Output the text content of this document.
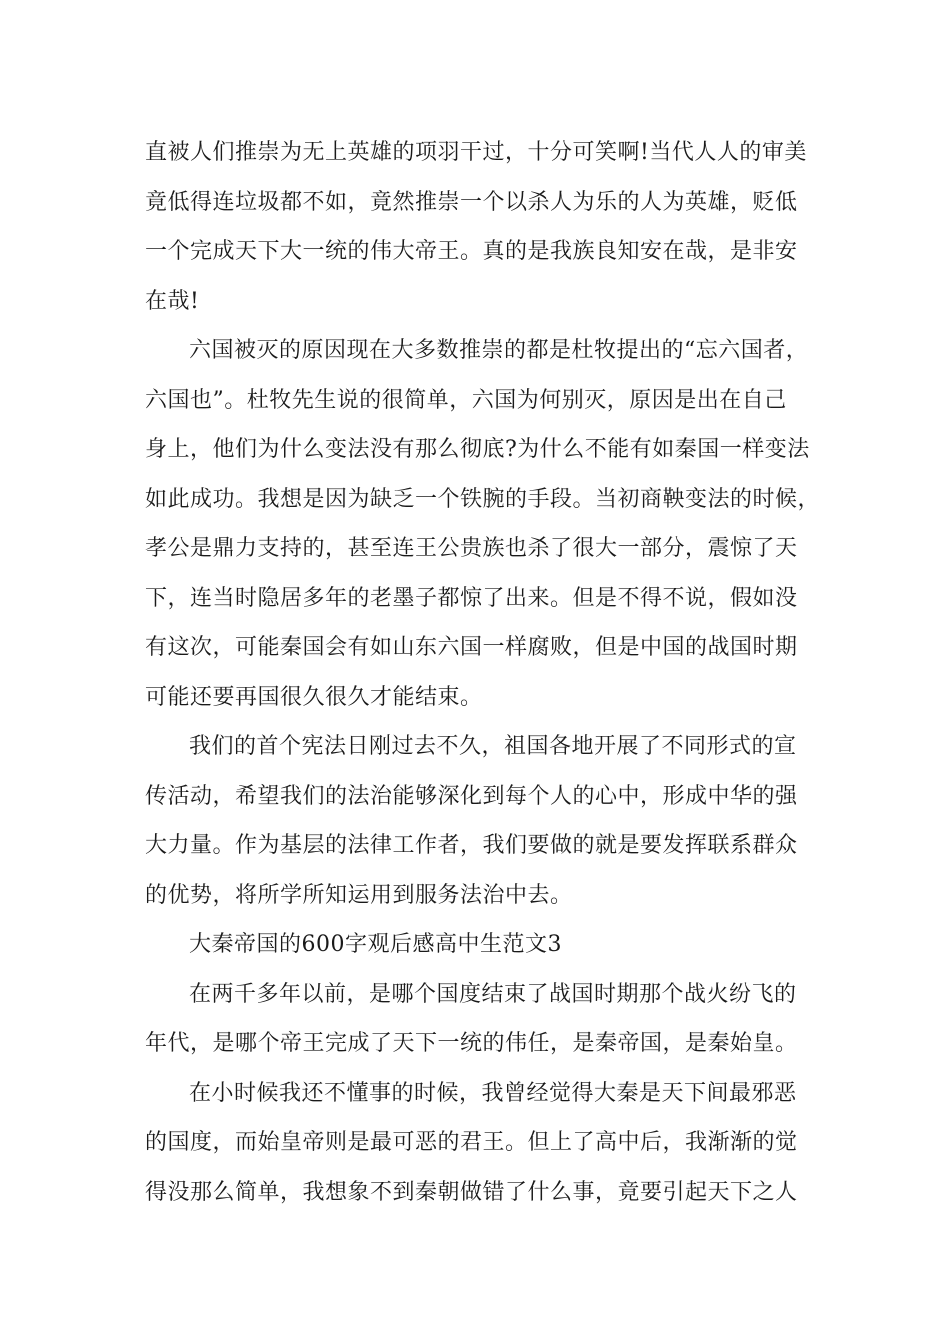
直被人们推崇为无上英雄的项羽干过，十分可笑啊!当代人人的审美
竟低得连垃圾都不如，竟然推崇一个以杀人为乐的人为英雄，贬低
一个完成天下大一统的伟大帝王。真的是我族良知安在哉，是非安
在哉!
六国被灭的原因现在大多数推崇的都是杜牧提出的“忘六国者，
六国也”。杜牧先生说的很简单，六国为何别灭，原因是出在自己
身上，他们为什么变法没有那么彻底?为什么不能有如秦国一样变法
如此成功。我想是因为缺乏一个铁腕的手段。当初商鞅变法的时候，
孝公是鼎力支持的，甚至连王公贵族也杀了很大一部分，震惊了天
下，连当时隐居多年的老墨子都惊了出来。但是不得不说，假如没
有这次，可能秦国会有如山东六国一样腐败，但是中国的战国时期
可能还要再国很久很久才能结束。
我们的首个宪法日刚过去不久，祖国各地开展了不同形式的宣
传活动，希望我们的法治能够深化到每个人的心中，形成中华的强
大力量。作为基层的法律工作者，我们要做的就是要发挥联系群众
的优势，将所学所知运用到服务法治中去。
大秦帝国的600字观后感高中生范文3
在两千多年以前，是哪个国度结束了战国时期那个战火纷飞的
年代，是哪个帝王完成了天下一统的伟任，是秦帝国，是秦始皇。
在小时候我还不懂事的时候，我曾经觉得大秦是天下间最邪恶
的国度，而始皇帝则是最可恶的君王。但上了高中后，我渐渐的觉
得没那么简单，我想象不到秦朝做错了什么事，竟要引起天下之人
